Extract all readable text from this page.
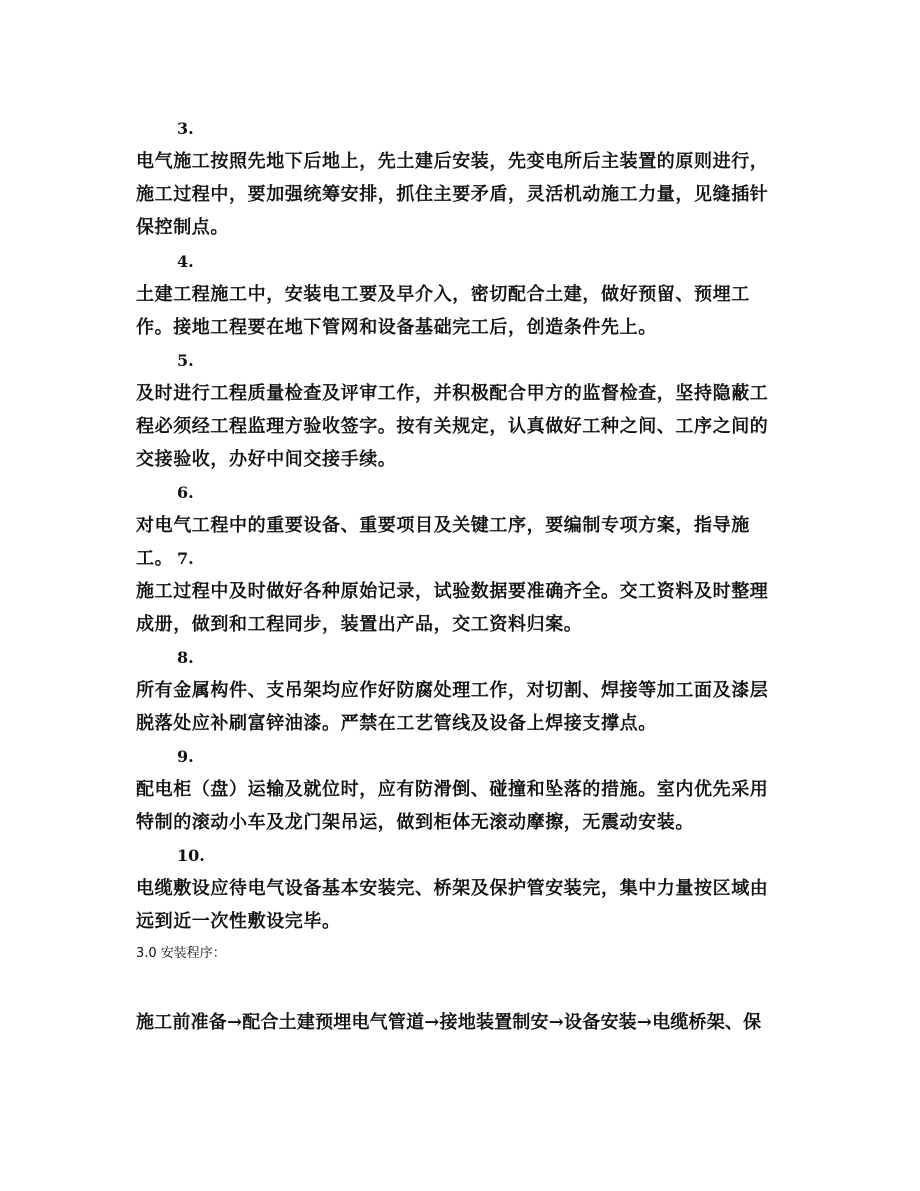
3.
电气施工按照先地下后地上，先土建后安装，先变电所后主装置的原则进行，施工过程中，要加强统筹安排，抓住主要矛盾，灵活机动施工力量，见缝插针保控制点。
4.
土建工程施工中，安装电工要及早介入，密切配合土建，做好预留、预埋工作。接地工程要在地下管网和设备基础完工后，创造条件先上。
5.
及时进行工程质量检查及评审工作，并积极配合甲方的监督检查，坚持隐蔽工程必须经工程监理方验收签字。按有关规定，认真做好工种之间、工序之间的交接验收，办好中间交接手续。
6.
对电气工程中的重要设备、重要项目及关键工序，要编制专项方案，指导施工。 7.
施工过程中及时做好各种原始记录，试验数据要准确齐全。交工资料及时整理成册，做到和工程同步，装置出产品，交工资料归案。
8.
所有金属构件、支吊架均应作好防腐处理工作，对切割、焊接等加工面及漆层脱落处应补刷富锌油漆。严禁在工艺管线及设备上焊接支撑点。
9.
配电柜（盘）运输及就位时，应有防滑倒、碰撞和坠落的措施。室内优先采用特制的滚动小车及龙门架吊运，做到柜体无滚动摩擦，无震动安装。
10.
电缆敷设应待电气设备基本安装完、桥架及保护管安装完，集中力量按区域由远到近一次性敷设完毕。
3.0 安装程序：
施工前准备→配合土建预埋电气管道→接地装置制安→设备安装→电缆桥架、保
